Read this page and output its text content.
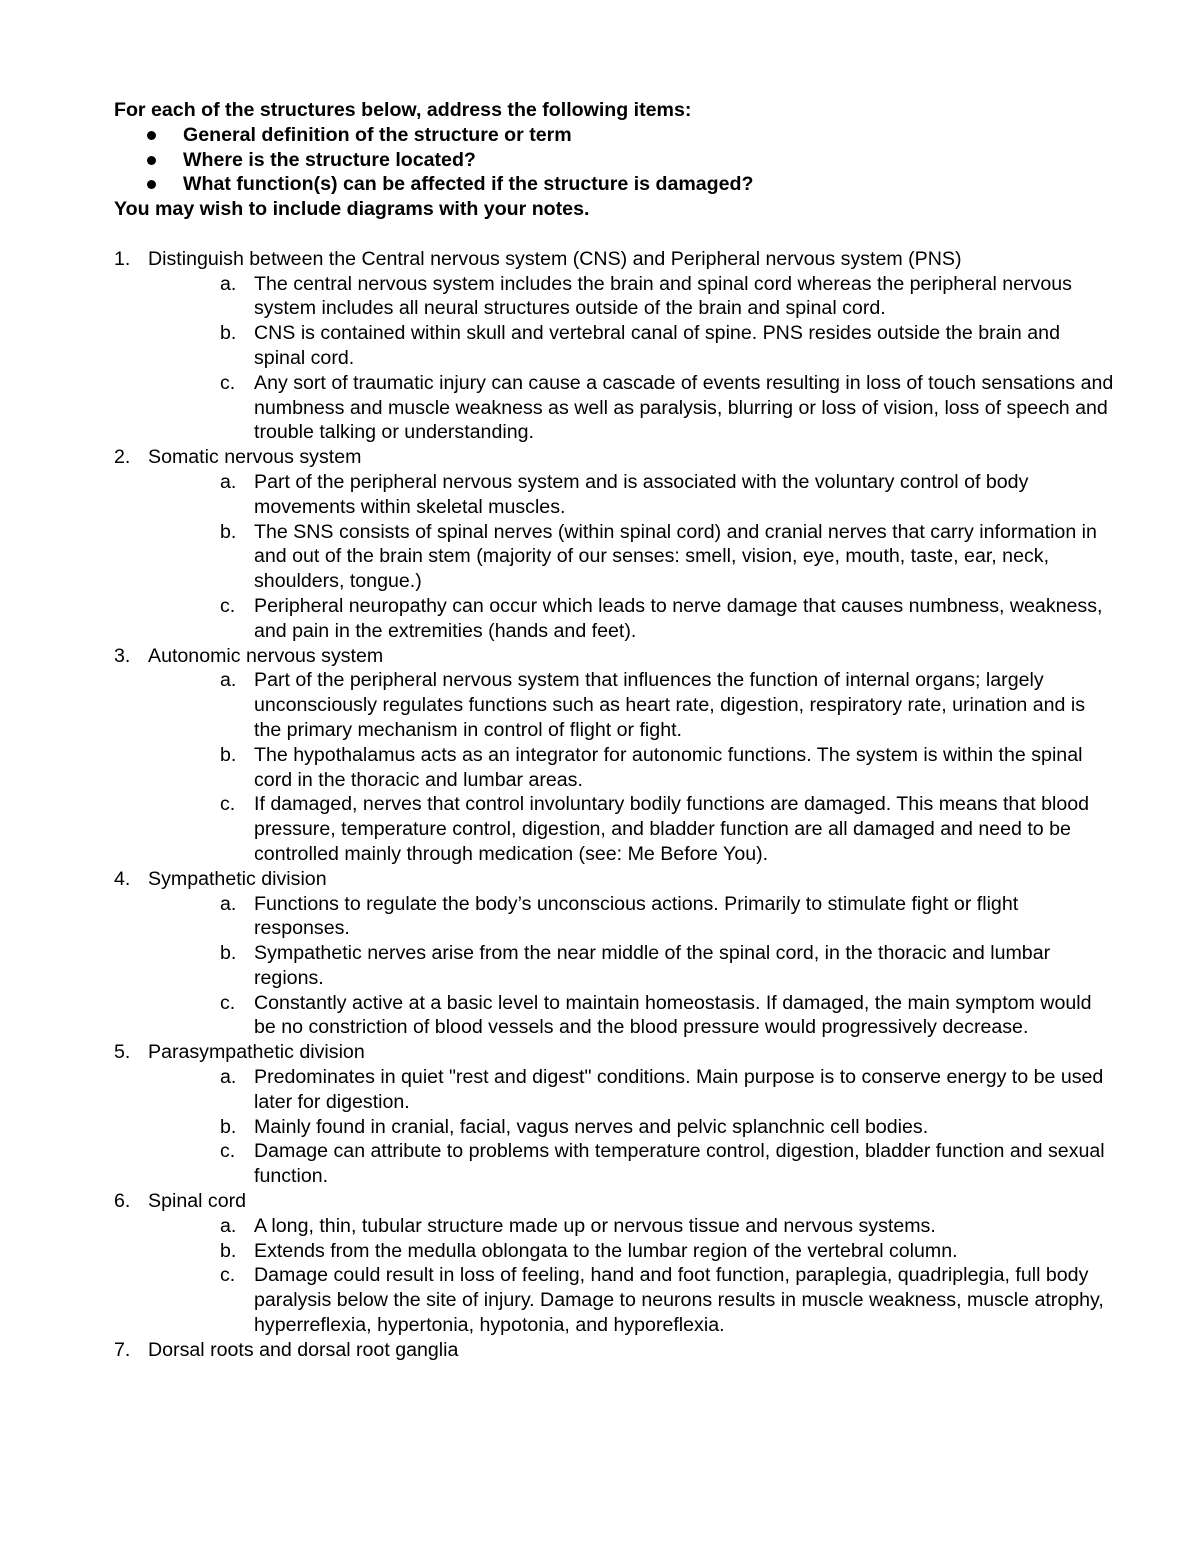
For each of the structures below, address the following items:

General definition of the structure or term
Where is the structure located?
What function(s) can be affected if the structure is damaged?

You may wish to include diagrams with your notes.

1. Distinguish between the Central nervous system (CNS) and Peripheral nervous system (PNS)
a. The central nervous system includes the brain and spinal cord whereas the peripheral nervous system includes all neural structures outside of the brain and spinal cord.
b. CNS is contained within skull and vertebral canal of spine. PNS resides outside the brain and spinal cord.
c. Any sort of traumatic injury can cause a cascade of events resulting in loss of touch sensations and numbness and muscle weakness as well as paralysis, blurring or loss of vision, loss of speech and trouble talking or understanding.
2. Somatic nervous system
a. Part of the peripheral nervous system and is associated with the voluntary control of body movements within skeletal muscles.
b. The SNS consists of spinal nerves (within spinal cord) and cranial nerves that carry information in and out of the brain stem (majority of our senses: smell, vision, eye, mouth, taste, ear, neck, shoulders, tongue.)
c. Peripheral neuropathy can occur which leads to nerve damage that causes numbness, weakness, and pain in the extremities (hands and feet).
3. Autonomic nervous system
a. Part of the peripheral nervous system that influences the function of internal organs; largely unconsciously regulates functions such as heart rate, digestion, respiratory rate, urination and is the primary mechanism in control of flight or fight.
b. The hypothalamus acts as an integrator for autonomic functions. The system is within the spinal cord in the thoracic and lumbar areas.
c. If damaged, nerves that control involuntary bodily functions are damaged. This means that blood pressure, temperature control, digestion, and bladder function are all damaged and need to be controlled mainly through medication (see: Me Before You).
4. Sympathetic division
a. Functions to regulate the body’s unconscious actions. Primarily to stimulate fight or flight responses.
b. Sympathetic nerves arise from the near middle of the spinal cord, in the thoracic and lumbar regions.
c. Constantly active at a basic level to maintain homeostasis. If damaged, the main symptom would be no constriction of blood vessels and the blood pressure would progressively decrease.
5. Parasympathetic division
a. Predominates in quiet "rest and digest" conditions. Main purpose is to conserve energy to be used later for digestion.
b. Mainly found in cranial, facial, vagus nerves and pelvic splanchnic cell bodies.
c. Damage can attribute to problems with temperature control, digestion, bladder function and sexual function.
6. Spinal cord
a. A long, thin, tubular structure made up or nervous tissue and nervous systems.
b. Extends from the medulla oblongata to the lumbar region of the vertebral column.
c. Damage could result in loss of feeling, hand and foot function, paraplegia, quadriplegia, full body paralysis below the site of injury. Damage to neurons results in muscle weakness, muscle atrophy, hyperreflexia, hypertonia, hypotonia, and hyporeflexia.
7. Dorsal roots and dorsal root ganglia
